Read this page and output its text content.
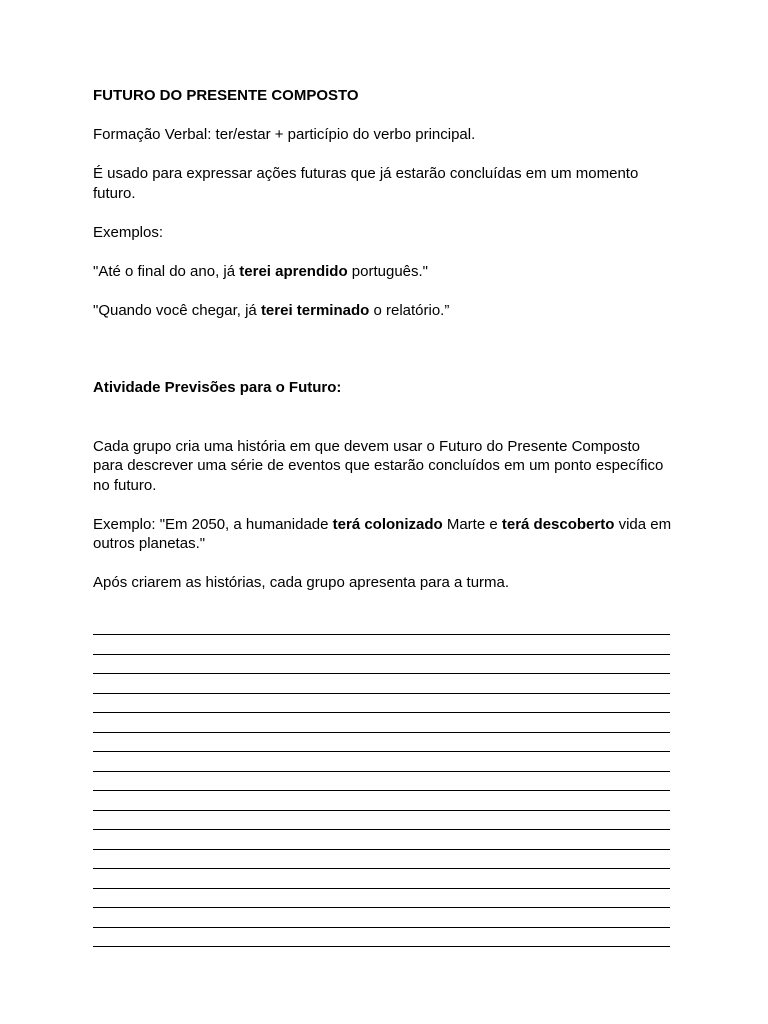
FUTURO DO PRESENTE COMPOSTO

Formação Verbal: ter/estar + particípio do verbo principal.

É usado para expressar ações futuras que já estarão concluídas em um momento futuro.

Exemplos:

"Até o final do ano, já terei aprendido português."

"Quando você chegar, já terei terminado o relatório.”

Atividade Previsões para o Futuro:

Cada grupo cria uma história em que devem usar o Futuro do Presente Composto para descrever uma série de eventos que estarão concluídos em um ponto específico no futuro.

Exemplo: "Em 2050, a humanidade terá colonizado Marte e terá descoberto vida em outros planetas."

Após criarem as histórias, cada grupo apresenta para a turma.
